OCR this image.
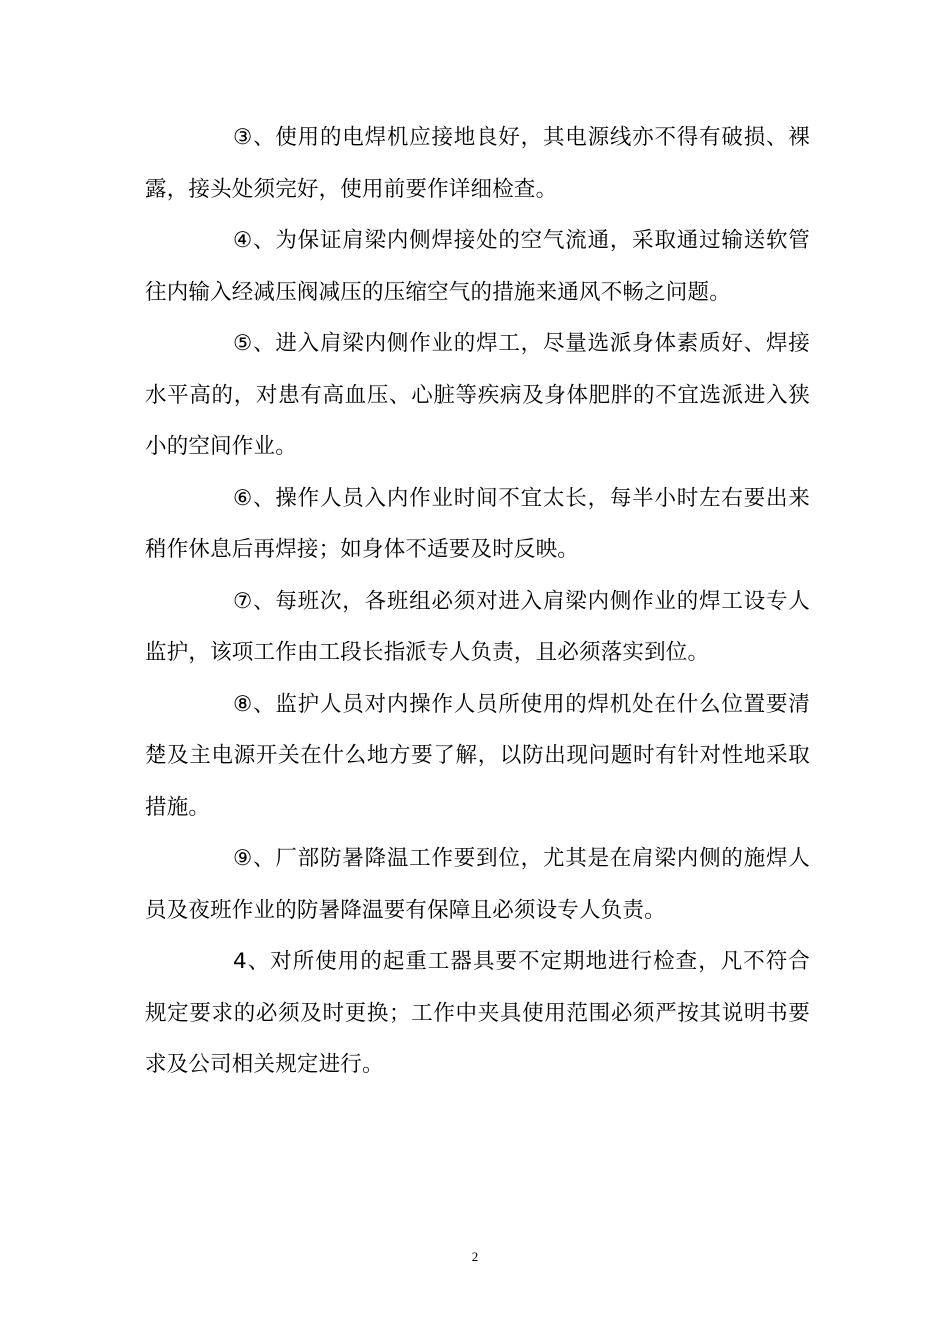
③、使用的电焊机应接地良好，其电源线亦不得有破损、裸露，接头处须完好，使用前要作详细检查。

④、为保证肩梁内侧焊接处的空气流通，采取通过输送软管往内输入经减压阀减压的压缩空气的措施来通风不畅之问题。

⑤、进入肩梁内侧作业的焊工，尽量选派身体素质好、焊接水平高的，对患有高血压、心脏等疾病及身体肥胖的不宜选派进入狭小的空间作业。

⑥、操作人员入内作业时间不宜太长，每半小时左右要出来稍作休息后再焊接；如身体不适要及时反映。

⑦、每班次，各班组必须对进入肩梁内侧作业的焊工设专人监护，该项工作由工段长指派专人负责，且必须落实到位。

⑧、监护人员对内操作人员所使用的焊机处在什么位置要清楚及主电源开关在什么地方要了解，以防出现问题时有针对性地采取措施。

⑨、厂部防暑降温工作要到位，尤其是在肩梁内侧的施焊人员及夜班作业的防暑降温要有保障且必须设专人负责。

4、对所使用的起重工器具要不定期地进行检查，凡不符合规定要求的必须及时更换；工作中夹具使用范围必须严按其说明书要求及公司相关规定进行。

2
